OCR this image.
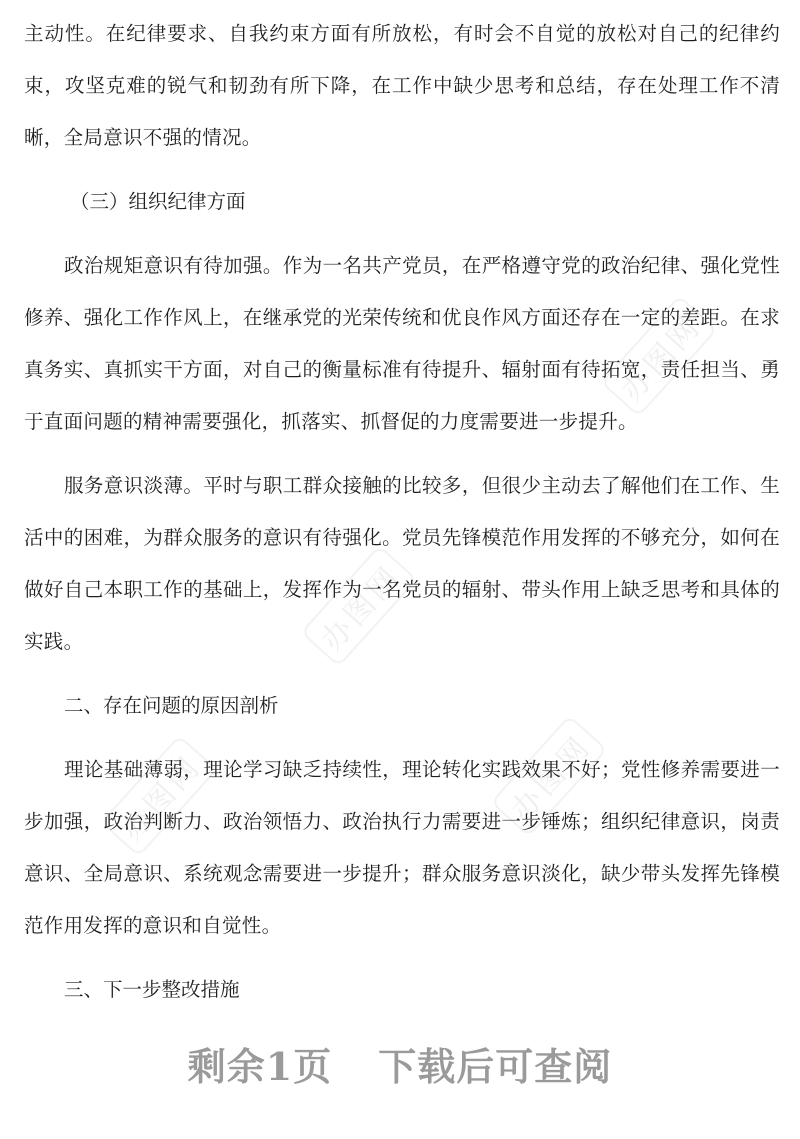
办图网
办图网
办图网	办图网

主动性。在纪律要求、自我约束方面有所放松，有时会不自觉的放松对自己的纪律约束，攻坚克难的锐气和韧劲有所下降，在工作中缺少思考和总结，存在处理工作不清晰，全局意识不强的情况。

（三）组织纪律方面

政治规矩意识有待加强。作为一名共产党员，在严格遵守党的政治纪律、强化党性修养、强化工作作风上，在继承党的光荣传统和优良作风方面还存在一定的差距。在求真务实、真抓实干方面，对自己的衡量标准有待提升、辐射面有待拓宽，责任担当、勇于直面问题的精神需要强化，抓落实、抓督促的力度需要进一步提升。

服务意识淡薄。平时与职工群众接触的比较多，但很少主动去了解他们在工作、生活中的困难，为群众服务的意识有待强化。党员先锋模范作用发挥的不够充分，如何在做好自己本职工作的基础上，发挥作为一名党员的辐射、带头作用上缺乏思考和具体的实践。

二、存在问题的原因剖析

理论基础薄弱，理论学习缺乏持续性，理论转化实践效果不好；党性修养需要进一步加强，政治判断力、政治领悟力、政治执行力需要进一步锤炼；组织纪律意识，岗责意识、全局意识、系统观念需要进一步提升；群众服务意识淡化，缺少带头发挥先锋模范作用发挥的意识和自觉性。

三、下一步整改措施

剩余1页 下载后可查阅
